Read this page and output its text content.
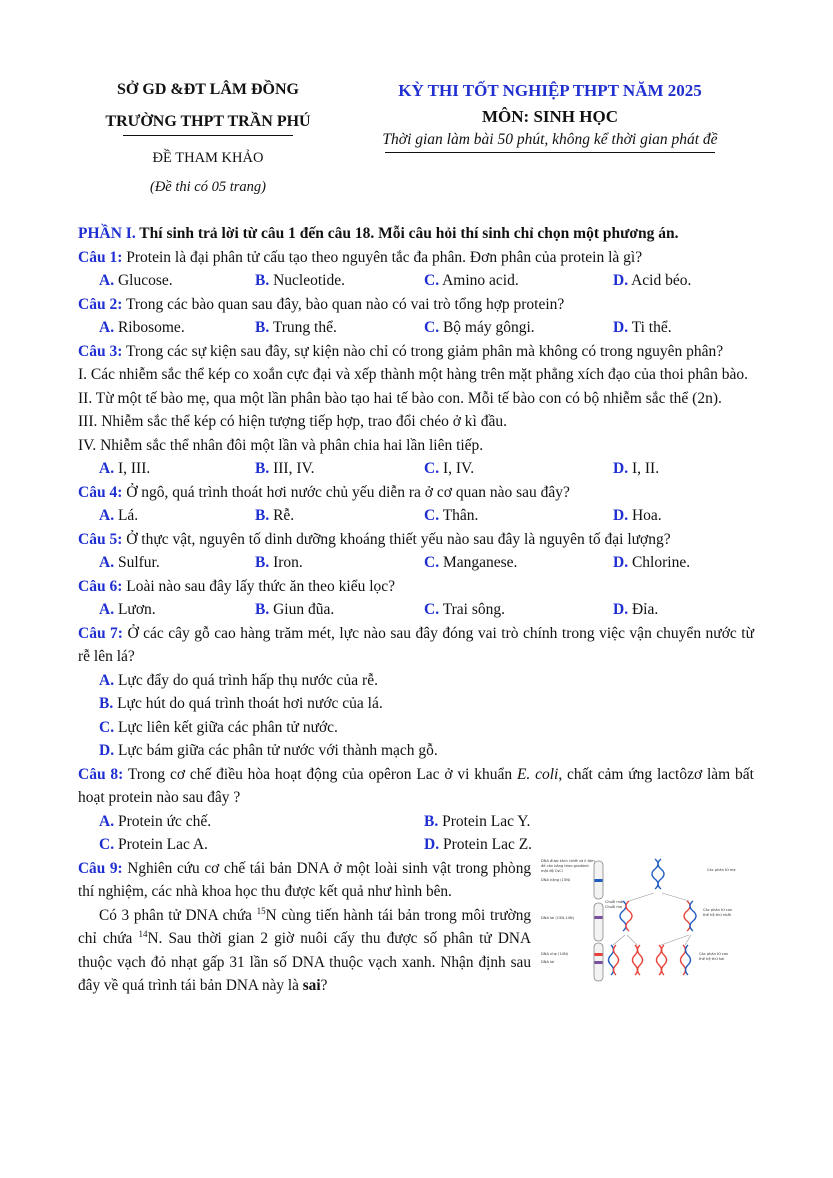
SỞ GD &ĐT LÂM ĐỒNG
TRƯỜNG THPT TRẦN PHÚ
ĐỀ THAM KHẢO
(Đề thi có 05 trang)
KỲ THI TỐT NGHIỆP THPT NĂM 2025
MÔN: SINH HỌC
Thời gian làm bài 50 phút, không kể thời gian phát đề
PHẦN I. Thí sinh trả lời từ câu 1 đến câu 18. Mỗi câu hỏi thí sinh chỉ chọn một phương án.
Câu 1: Protein là đại phân tử cấu tạo theo nguyên tắc đa phân. Đơn phân của protein là gì?
A. Glucose.	B. Nucleotide.	C. Amino acid.	D. Acid béo.
Câu 2: Trong các bào quan sau đây, bào quan nào có vai trò tổng hợp protein?
A. Ribosome.	B. Trung thể.	C. Bộ máy gôngi.	D. Ti thể.
Câu 3: Trong các sự kiện sau đây, sự kiện nào chỉ có trong giảm phân mà không có trong nguyên phân?
I. Các nhiễm sắc thể kép co xoắn cực đại và xếp thành một hàng trên mặt phẳng xích đạo của thoi phân bào.
II. Từ một tế bào mẹ, qua một lần phân bào tạo hai tế bào con. Mỗi tế bào con có bộ nhiễm sắc thể (2n).
III. Nhiễm sắc thể kép có hiện tượng tiếp hợp, trao đổi chéo ở kì đầu.
IV. Nhiễm sắc thể nhân đôi một lần và phân chia hai lần liên tiếp.
A. I, III.	B. III, IV.	C. I, IV.	D. I, II.
Câu 4: Ở ngô, quá trình thoát hơi nước chủ yếu diễn ra ở cơ quan nào sau đây?
A. Lá.	B. Rễ.	C. Thân.	D. Hoa.
Câu 5: Ở thực vật, nguyên tố dinh dưỡng khoáng thiết yếu nào sau đây là nguyên tố đại lượng?
A. Sulfur.	B. Iron.	C. Manganese.	D. Chlorine.
Câu 6: Loài nào sau đây lấy thức ăn theo kiểu lọc?
A. Lươn.	B. Giun đũa.	C. Trai sông.	D. Đỉa.
Câu 7: Ở các cây gỗ cao hàng trăm mét, lực nào sau đây đóng vai trò chính trong việc vận chuyển nước từ rễ lên lá?
A. Lực đẩy do quá trình hấp thụ nước của rễ.
B. Lực hút do quá trình thoát hơi nước của lá.
C. Lực liên kết giữa các phân tử nước.
D. Lực bám giữa các phân tử nước với thành mạch gỗ.
Câu 8: Trong cơ chế điều hòa hoạt động của opêron Lac ở vi khuẩn E. coli, chất cảm ứng lactôzơ làm bất hoạt protein nào sau đây ?
A. Protein ức chế.	B. Protein Lac Y.
C. Protein Lac A.	D. Protein Lac Z.
Câu 9: Nghiên cứu cơ chế tái bản DNA ở một loài sinh vật trong phòng thí nghiệm, các nhà khoa học thu được kết quả như hình bên.
Có 3 phân tử DNA chứa $^{15}$N cùng tiến hành tái bản trong môi trường chỉ chứa $^{14}$N. Sau thời gian 2 giờ nuôi cấy thu được số phân tử DNA thuộc vạch đỏ nhạt gấp 31 lần số DNA thuộc vạch xanh. Nhận định sau đây về quá trình tái bản DNA này là sai?
DNA được tách chiết và li tâm
để cân bằng theo gradient
mật độ CsCl
DNA nặng (15N)
DNA lai (15N-14N)
DNA nhẹ (14N)
DNA lai
Chuỗi mới
Chuỗi mẹ
Các phân tử mẹ
Các phân tử con
thế hệ thứ nhất
Các phân tử con
thế hệ thứ hai
